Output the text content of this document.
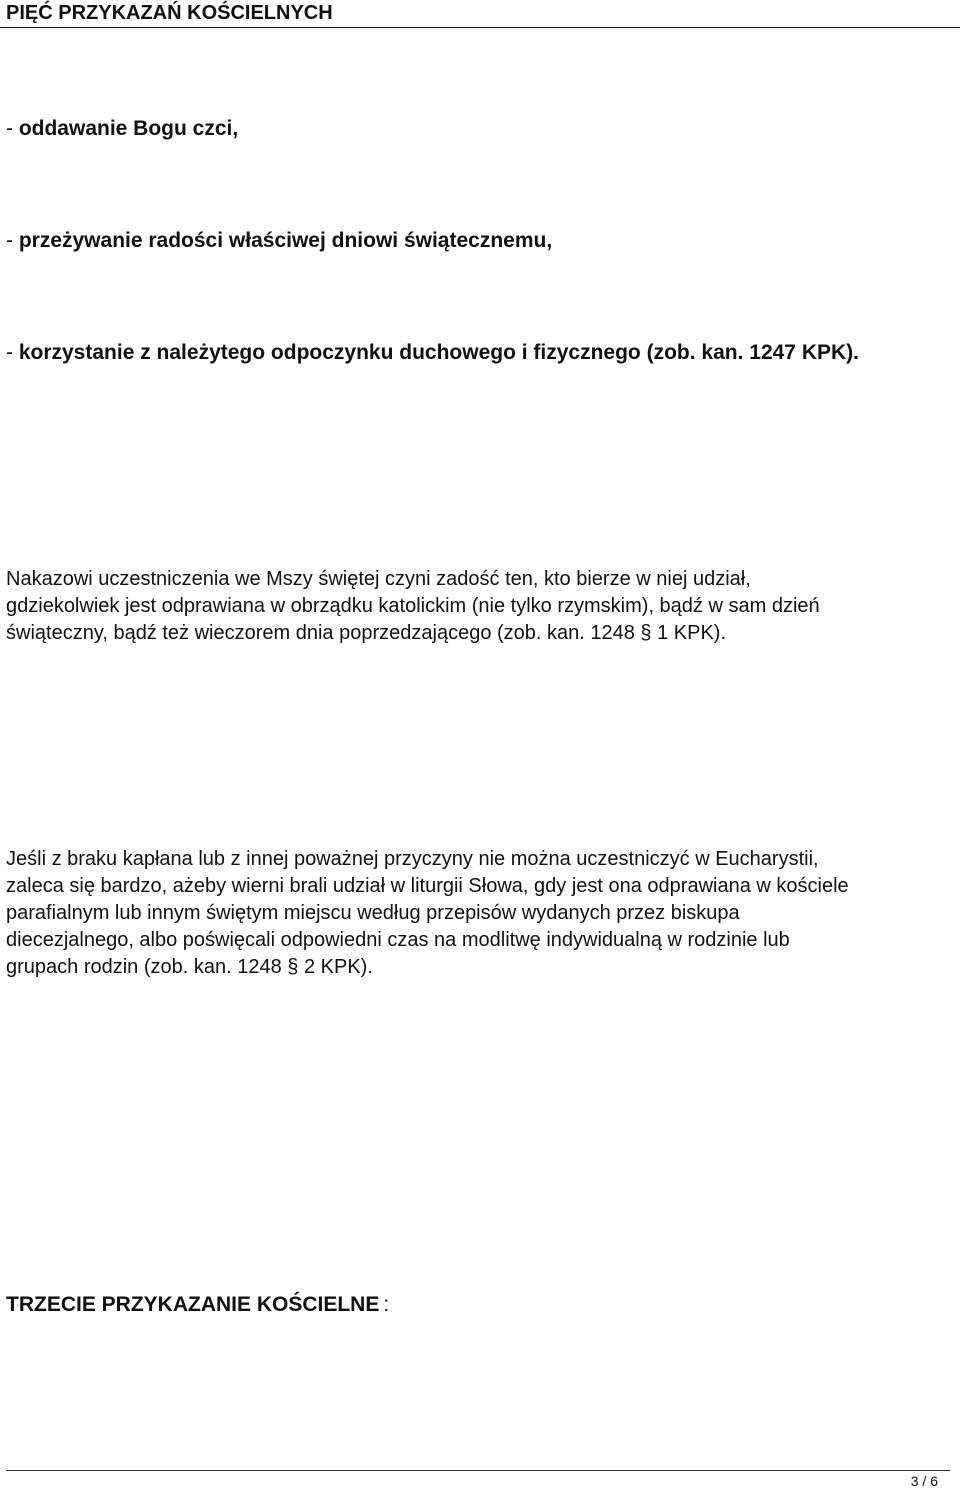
PIĘĆ PRZYKAZAŃ KOŚCIELNYCH
- oddawanie Bogu czci,
- przeżywanie radości właściwej dniowi świątecznemu,
- korzystanie z należytego odpoczynku duchowego i fizycznego (zob. kan. 1247 KPK).
Nakazowi uczestniczenia we Mszy świętej czyni zadość ten, kto bierze w niej udział,
gdziekolwiek jest odprawiana w obrządku katolickim (nie tylko rzymskim), bądź w sam dzień
świąteczny, bądź też wieczorem dnia poprzedzającego (zob. kan. 1248 § 1 KPK).
Jeśli z braku kapłana lub z innej poważnej przyczyny nie można uczestniczyć w Eucharystii,
zaleca się bardzo, ażeby wierni brali udział w liturgii Słowa, gdy jest ona odprawiana w kościele
parafialnym lub innym świętym miejscu według przepisów wydanych przez biskupa
diecezjalnego, albo poświęcali odpowiedni czas na modlitwę indywidualną w rodzinie lub
grupach rodzin (zob. kan. 1248 § 2 KPK).
TRZECIE PRZYKAZANIE KOŚCIELNE :
3 / 6
